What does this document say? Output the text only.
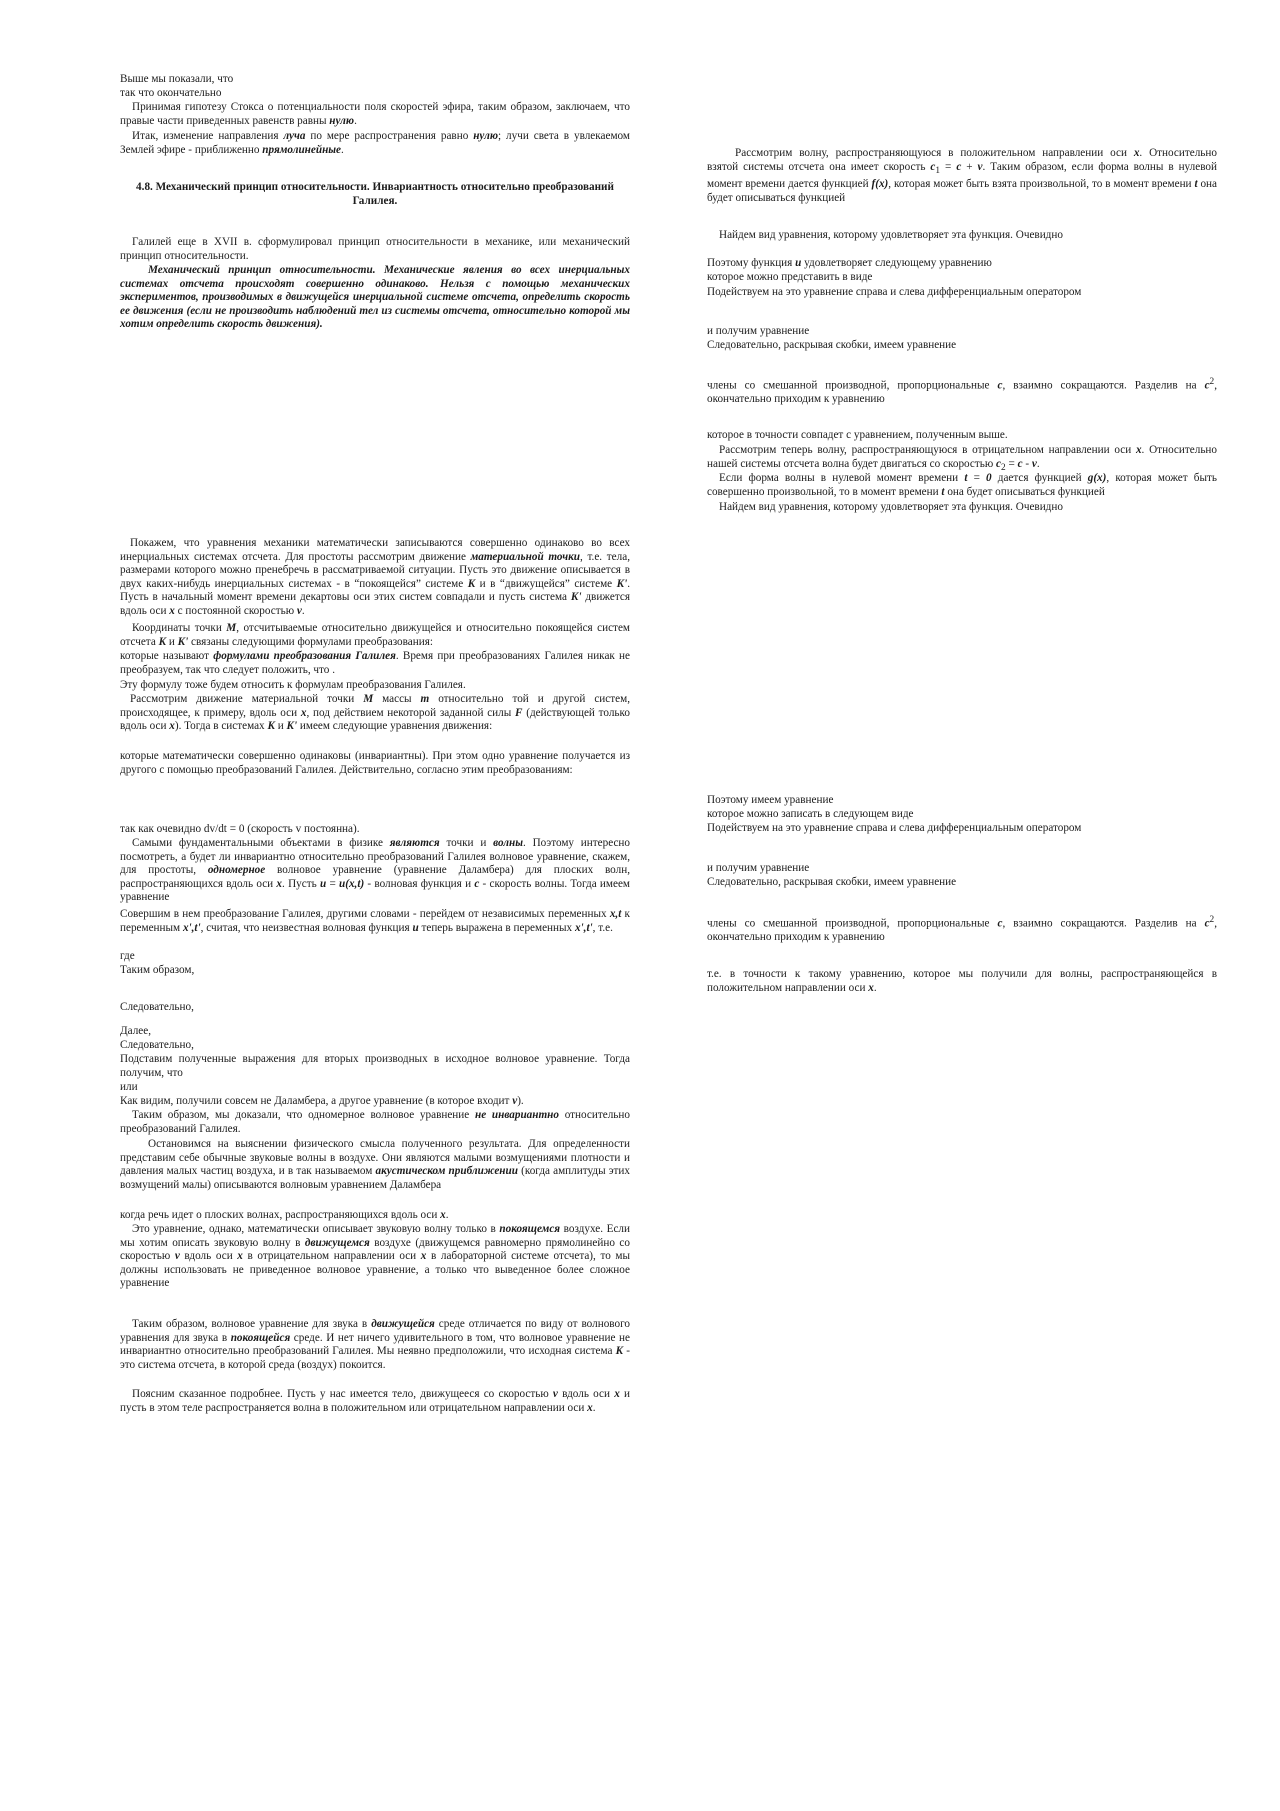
Выше мы показали, что

так что окончательно

Принимая гипотезу Стокса о потенциальности поля скоростей эфира, таким образом, заключаем, что правые части приведенных равенств равны нулю.

Итак, изменение направления луча по мере распространения равно нулю; лучи света в увлекаемом Землей эфире - приближенно прямолинейные.

4.8. Механический принцип относительности. Инвариантность относительно преобразований Галилея.

Галилей еще в XVII в. сформулировал принцип относительности в механике, или механический принцип относительности.

Механический принцип относительности. Механические явления во всех инерциальных системах отсчета происходят совершенно одинаково. Нельзя с помощью механических экспериментов, производимых в движущейся инерциальной системе отсчета, определить скорость ее движения (если не производить наблюдений тел из системы отсчета, относительно которой мы хотим определить скорость движения).

Покажем, что уравнения механики математически записываются совершенно одинаково во всех инерциальных системах отсчета. Для простоты рассмотрим движение материальной точки, т.е. тела, размерами которого можно пренебречь в рассматриваемой ситуации. Пусть это движение описывается в двух каких-нибудь инерциальных системах - в “покоящейся” системе K и в “движущейся” системе K'. Пусть в начальный момент времени декартовы оси этих систем совпадали и пусть система K' движется вдоль оси x с постоянной скоростью v.

Координаты точки M, отсчитываемые относительно движущейся и относительно покоящейся систем отсчета K и K' связаны следующими формулами преобразования:

которые называют формулами преобразования Галилея. Время при преобразованиях Галилея никак не преобразуем, так что следует положить, что .

Эту формулу тоже будем относить к формулам преобразования Галилея.

Рассмотрим движение материальной точки M массы m относительно той и другой систем, происходящее, к примеру, вдоль оси x, под действием некоторой заданной силы F (действующей только вдоль оси x). Тогда в системах K и K' имеем следующие уравнения движения:

которые математически совершенно одинаковы (инвариантны). При этом одно уравнение получается из другого с помощью преобразований Галилея. Действительно, согласно этим преобразованиям:

так как очевидно dv/dt = 0 (скорость v постоянна).

Самыми фундаментальными объектами в физике являются точки и волны. Поэтому интересно посмотреть, а будет ли инвариантно относительно преобразований Галилея волновое уравнение, скажем, для простоты, одномерное волновое уравнение (уравнение Даламбера) для плоских волн, распространяющихся вдоль оси x. Пусть u = u(x,t) - волновая функция и c - скорость волны. Тогда имеем уравнение

Совершим в нем преобразование Галилея, другими словами - перейдем от независимых переменных x,t к переменным x',t', считая, что неизвестная волновая функция u теперь выражена в переменных x',t', т.е.

где

Таким образом,

Следовательно,

Далее,

Следовательно,

Подставим полученные выражения для вторых производных в исходное волновое уравнение. Тогда получим, что

или

Как видим, получили совсем не Даламбера, а другое уравнение (в которое входит v).

Таким образом, мы доказали, что одномерное волновое уравнение не инвариантно относительно преобразований Галилея.

Остановимся на выяснении физического смысла полученного результата. Для определенности представим себе обычные звуковые волны в воздухе. Они являются малыми возмущениями плотности и давления малых частиц воздуха, и в так называемом акустическом приближении (когда амплитуды этих возмущений малы) описываются волновым уравнением Даламбера

когда речь идет о плоских волнах, распространяющихся вдоль оси x.

Это уравнение, однако, математически описывает звуковую волну только в покоящемся воздухе. Если мы хотим описать звуковую волну в движущемся воздухе (движущемся равномерно прямолинейно со скоростью v вдоль оси x в отрицательном направлении оси x в лабораторной системе отсчета), то мы должны использовать не приведенное волновое уравнение, а только что выведенное более сложное уравнение

Таким образом, волновое уравнение для звука в движущейся среде отличается по виду от волнового уравнения для звука в покоящейся среде. И нет ничего удивительного в том, что волновое уравнение не инвариантно относительно преобразований Галилея. Мы неявно предположили, что исходная система K - это система отсчета, в которой среда (воздух) покоится.

Поясним сказанное подробнее. Пусть у нас имеется тело, движущееся со скоростью v вдоль оси x и пусть в этом теле распространяется волна в положительном или отрицательном направлении оси x.

Рассмотрим волну, распространяющуюся в положительном направлении оси x. Относительно взятой системы отсчета она имеет скорость $c_1 = c + v$. Таким образом, если форма волны в нулевой момент времени дается функцией f(x), которая может быть взята произвольной, то в момент времени t она будет описываться функцией

Найдем вид уравнения, которому удовлетворяет эта функция. Очевидно

Поэтому функция u удовлетворяет следующему уравнению

которое можно представить в виде

Подействуем на это уравнение справа и слева дифференциальным оператором

и получим уравнение

Следовательно, раскрывая скобки, имеем уравнение

члены со смешанной производной, пропорциональные c, взаимно сокращаются. Разделив на $c^2$, окончательно приходим к уравнению

которое в точности совпадет с уравнением, полученным выше.

Рассмотрим теперь волну, распространяющуюся в отрицательном направлении оси x. Относительно нашей системы отсчета волна будет двигаться со скоростью $c_2 = c - v$.

Если форма волны в нулевой момент времени t = 0 дается функцией g(x), которая может быть совершенно произвольной, то в момент времени t она будет описываться функцией

Найдем вид уравнения, которому удовлетворяет эта функция. Очевидно

Поэтому имеем уравнение

которое можно записать в следующем виде

Подействуем на это уравнение справа и слева дифференциальным оператором

и получим уравнение

Следовательно, раскрывая скобки, имеем уравнение

члены со смешанной производной, пропорциональные c, взаимно сокращаются. Разделив на $c^2$, окончательно приходим к уравнению

т.е. в точности к такому уравнению, которое мы получили для волны, распространяющейся в положительном направлении оси x.
